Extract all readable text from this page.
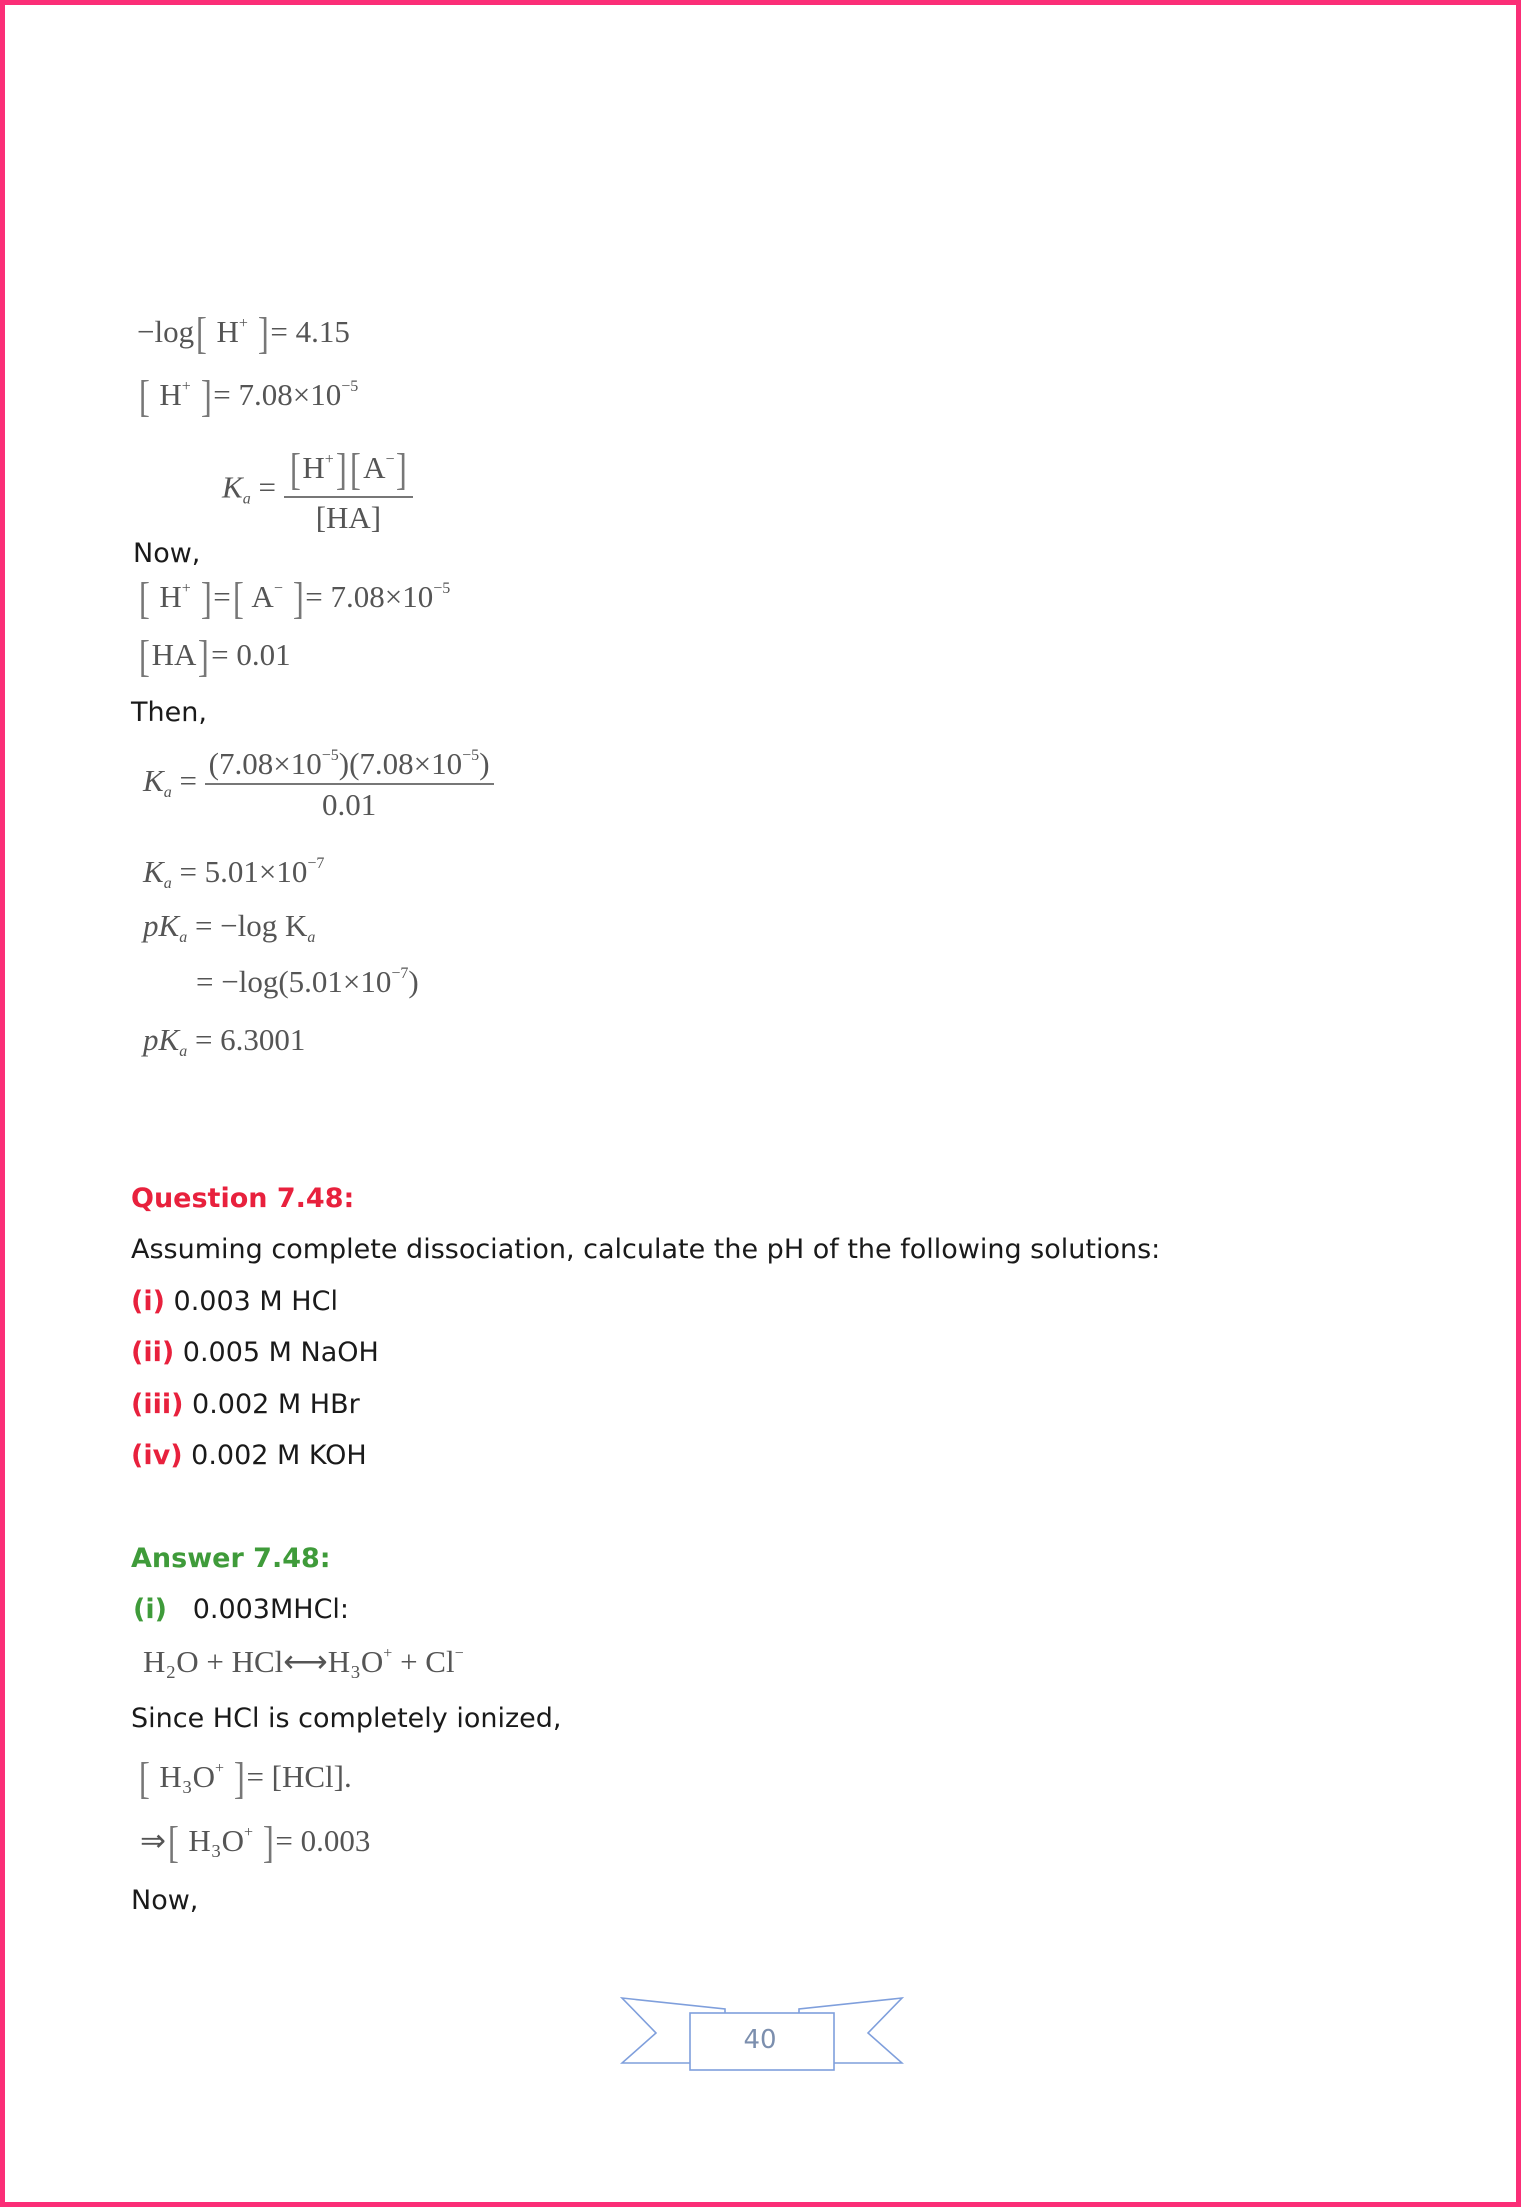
−log[ H+ ]= 4.15
[ H+ ]= $7.08\times 10^{-5}$
$K_a = \frac{[H^+][A^-]}{[HA]}$
Now,
[ H+ ]=[ A− ]= $7.08\times 10^{-5}$
[HA]= 0.01
Then,
$K_a = \frac{(7.08\times 10^{-5})(7.08\times 10^{-5})}{0.01}$
$K_a = 5.01\times 10^{-7}$
$pK_a = -\log$ $K_a$
= $-\log(5.01\times 10^{-7})$
$pK_a = 6.3001$
Question 7.48:
Assuming complete dissociation, calculate the pH of the following solutions:
(i) 0.003 M HCl
(ii) 0.005 M NaOH
(iii) 0.002 M HBr
(iv) 0.002 M KOH
Answer 7.48:
(i) 0.003MHCl:
H₂O + HCl⟷H₃O+ + Cl−
Since HCl is completely ionized,
[ H₃O+ ]= [HCl].
⇒[ H₃O+ ]= 0.003
Now,
40
